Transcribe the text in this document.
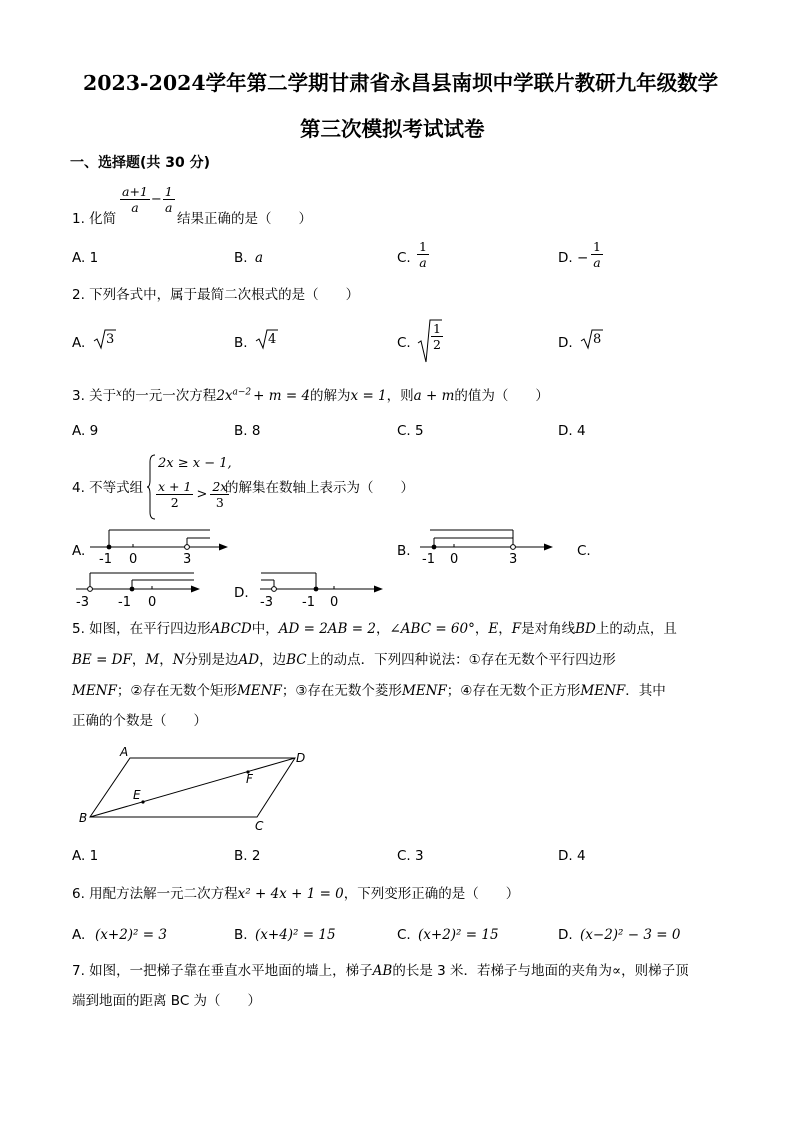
2023-2024学年第二学期甘肃省永昌县南坝中学联片教研九年级数学
第三次模拟考试试卷
一、选择题(共 30 分)
1. 化简
$\frac{a+1}{a} - \frac{1}{a}$
结果正确的是（　　）
A. 1	B. a	C. $\frac{1}{a}$	D. − $\frac{1}{a}$
2. 下列各式中，属于最简二次根式的是（　　）
A. 3	B. 4	C. $\frac{1}{2}$	D. 8
3. 关于$^x$的一元一次方程$2x^{a-2} + m = 4$的解为x = 1，则a + m的值为（　　）
A. 9	B. 8	C. 5	D. 4
4. 不等式组
2x ≥ x − 1,
$\frac{x + 1}{2} > \frac{2x}{3}$
的解集在数轴上表示为（　　）
A.
-1 0	3
B.
-1 0	3
C.
-3 -1 0
D.
-3 -1 0
5. 如图，在平行四边形ABCD中，AD = 2AB = 2，∠ABC = 60°，E，F是对角线BD上的动点，且
BE = DF，M，N分别是边AD，边BC上的动点．下列四种说法：①存在无数个平行四边形
MENF；②存在无数个矩形MENF；③存在无数个菱形MENF；④存在无数个正方形MENF．其中
正确的个数是（　　）
A	D
F
E
B
C
A. 1	B. 2	C. 3	D. 4
6. 用配方法解一元二次方程x² + 4x + 1 = 0，下列变形正确的是（　　）
A. (x+2)² = 3	B. (x+4)² = 15	C. (x+2)² = 15	D. (x−2)² − 3 = 0
7. 如图，一把梯子靠在垂直水平地面的墙上，梯子AB的长是 3 米．若梯子与地面的夹角为∝，则梯子顶
端到地面的距离 BC 为（　　）
